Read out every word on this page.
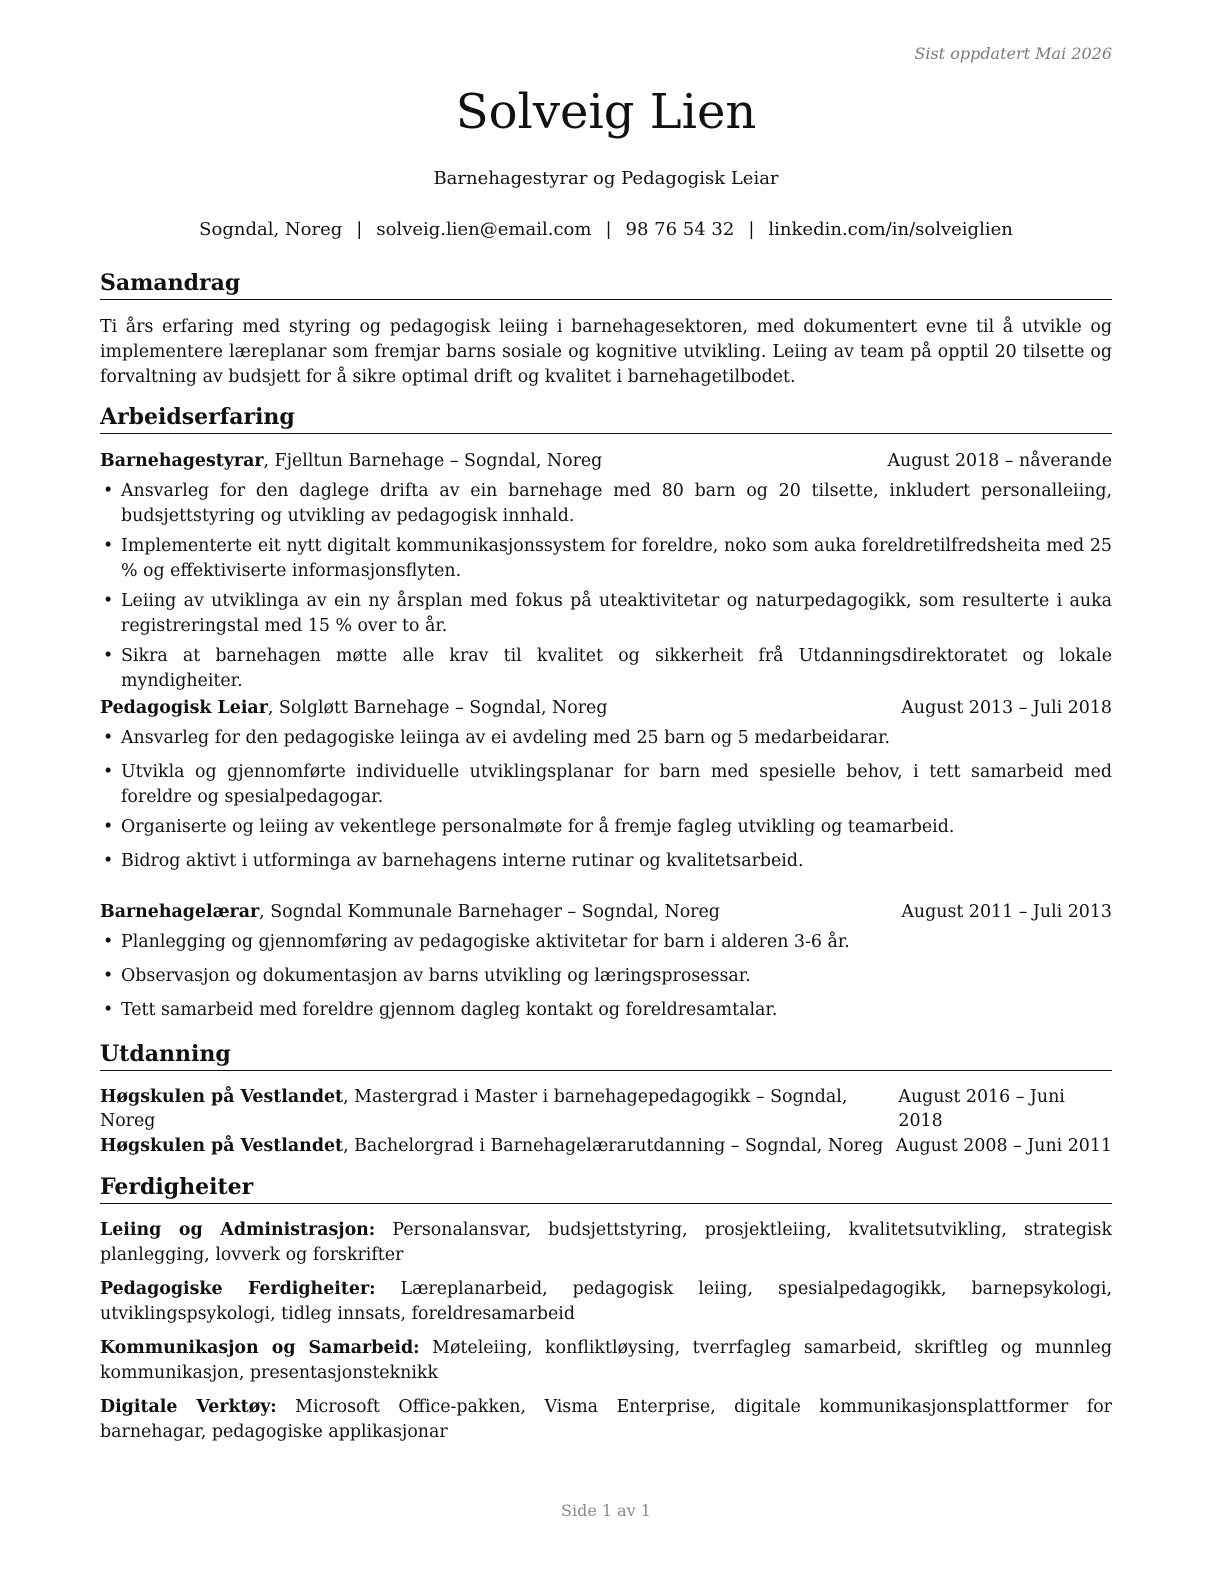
Sist oppdatert Mai 2026
Solveig Lien
Barnehagestyrar og Pedagogisk Leiar
Sogndal, Noreg | solveig.lien@email.com | 98 76 54 32 | linkedin.com/in/solveiglien
Samandrag

Ti års erfaring med styring og pedagogisk leiing i barnehagesektoren, med dokumentert evne til å utvikle og implementere læreplanar som fremjar barns sosiale og kognitive utvikling. Leiing av team på opptil 20 tilsette og forvaltning av budsjett for å sikre optimal drift og kvalitet i barnehagetilbodet.

Arbeidserfaring
Barnehagestyrar, Fjelltun Barnehage – Sogndal, Noreg	August 2018 – nåverande
• Ansvarleg for den daglege drifta av ein barnehage med 80 barn og 20 tilsette, inkludert personalleiing, budsjettstyring og utvikling av pedagogisk innhald.
• Implementerte eit nytt digitalt kommunikasjonssystem for foreldre, noko som auka foreldretilfredsheita med 25 % og effektiviserte informasjonsflyten.
• Leiing av utviklinga av ein ny årsplan med fokus på uteaktivitetar og naturpedagogikk, som resulterte i auka registreringstal med 15 % over to år.
• Sikra at barnehagen møtte alle krav til kvalitet og sikkerheit frå Utdanningsdirektoratet og lokale myndigheiter.
Pedagogisk Leiar, Solgløtt Barnehage – Sogndal, Noreg	August 2013 – Juli 2018
• Ansvarleg for den pedagogiske leiinga av ei avdeling med 25 barn og 5 medarbeidarar.
• Utvikla og gjennomførte individuelle utviklingsplanar for barn med spesielle behov, i tett samarbeid med foreldre og spesialpedagogar.
• Organiserte og leiing av vekentlege personalmøte for å fremje fagleg utvikling og teamarbeid.
• Bidrog aktivt i utforminga av barnehagens interne rutinar og kvalitetsarbeid.
Barnehagelærar, Sogndal Kommunale Barnehager – Sogndal, Noreg	August 2011 – Juli 2013
• Planlegging og gjennomføring av pedagogiske aktivitetar for barn i alderen 3-6 år.
• Observasjon og dokumentasjon av barns utvikling og læringsprosessar.
• Tett samarbeid med foreldre gjennom dagleg kontakt og foreldresamtalar.
Utdanning
Høgskulen på Vestlandet, Mastergrad i Master i barnehagepedagogikk – Sogndal, Noreg
August 2016 – Juni 2018
Høgskulen på Vestlandet, Bachelorgrad i Barnehagelærarutdanning – Sogndal, Noreg August 2008 – Juni 2011
Ferdigheiter

Leiing og Administrasjon: Personalansvar, budsjettstyring, prosjektleiing, kvalitetsutvikling, strategisk planlegging, lovverk og forskrifter

Pedagogiske Ferdigheiter: Læreplanarbeid, pedagogisk leiing, spesialpedagogikk, barnepsykologi, utviklingspsykologi, tidleg innsats, foreldresamarbeid

Kommunikasjon og Samarbeid: Møteleiing, konfliktløysing, tverrfagleg samarbeid, skriftleg og munnleg kommunikasjon, presentasjonsteknikk

Digitale Verktøy: Microsoft Office-pakken, Visma Enterprise, digitale kommunikasjonsplattformer for barnehagar, pedagogiske applikasjonar

Side 1 av 1
